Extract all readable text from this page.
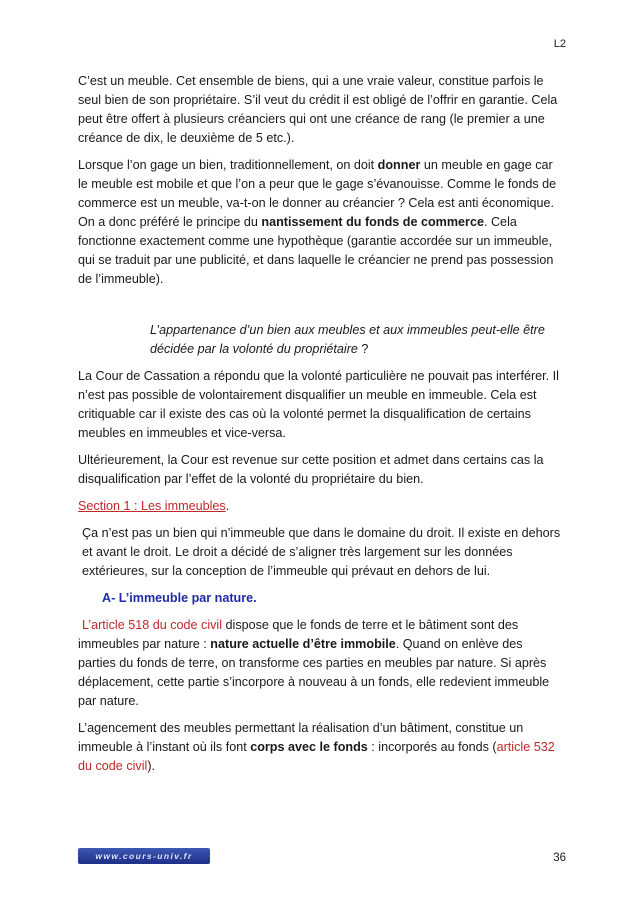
L2

C’est un meuble. Cet ensemble de biens, qui a une vraie valeur, constitue parfois le seul bien de son propriétaire. S’il veut du crédit il est obligé de l’offrir en garantie. Cela peut être offert à plusieurs créanciers qui ont une créance de rang (le premier a une créance de dix, le deuxième de 5 etc.).

Lorsque l’on gage un bien, traditionnellement, on doit donner un meuble en gage car le meuble est mobile et que l’on a peur que le gage s’évanouisse. Comme le fonds de commerce est un meuble, va-t-on le donner au créancier ? Cela est anti économique. On a donc préféré le principe du nantissement du fonds de commerce. Cela fonctionne exactement comme une hypothèque (garantie accordée sur un immeuble, qui se traduit par une publicité, et dans laquelle le créancier ne prend pas possession de l’immeuble).

L’appartenance d’un bien aux meubles et aux immeubles peut-elle être décidée par la volonté du propriétaire ?

La Cour de Cassation a répondu que la volonté particulière ne pouvait pas interférer. Il n’est pas possible de volontairement disqualifier un meuble en immeuble. Cela est critiquable car il existe des cas où la volonté permet la disqualification de certains meubles en immeubles et vice-versa.

Ultérieurement, la Cour est revenue sur cette position et admet dans certains cas la disqualification par l’effet de la volonté du propriétaire du bien.

Section 1 : Les immeubles.

Ça n’est pas un bien qui n’immeuble que dans le domaine du droit. Il existe en dehors et avant le droit. Le droit a décidé de s’aligner très largement sur les données extérieures, sur la conception de l’immeuble qui prévaut en dehors de lui.

A- L’immeuble par nature.

L’article 518 du code civil dispose que le fonds de terre et le bâtiment sont des immeubles par nature : nature actuelle d’être immobile. Quand on enlève des parties du fonds de terre, on transforme ces parties en meubles par nature. Si après déplacement, cette partie s’incorpore à nouveau à un fonds, elle redevient immeuble par nature.

L’agencement des meubles permettant la réalisation d’un bâtiment, constitue un immeuble à l’instant où ils font corps avec le fonds : incorporés au fonds (article 532 du code civil).

www.cours-univ.fr	36
